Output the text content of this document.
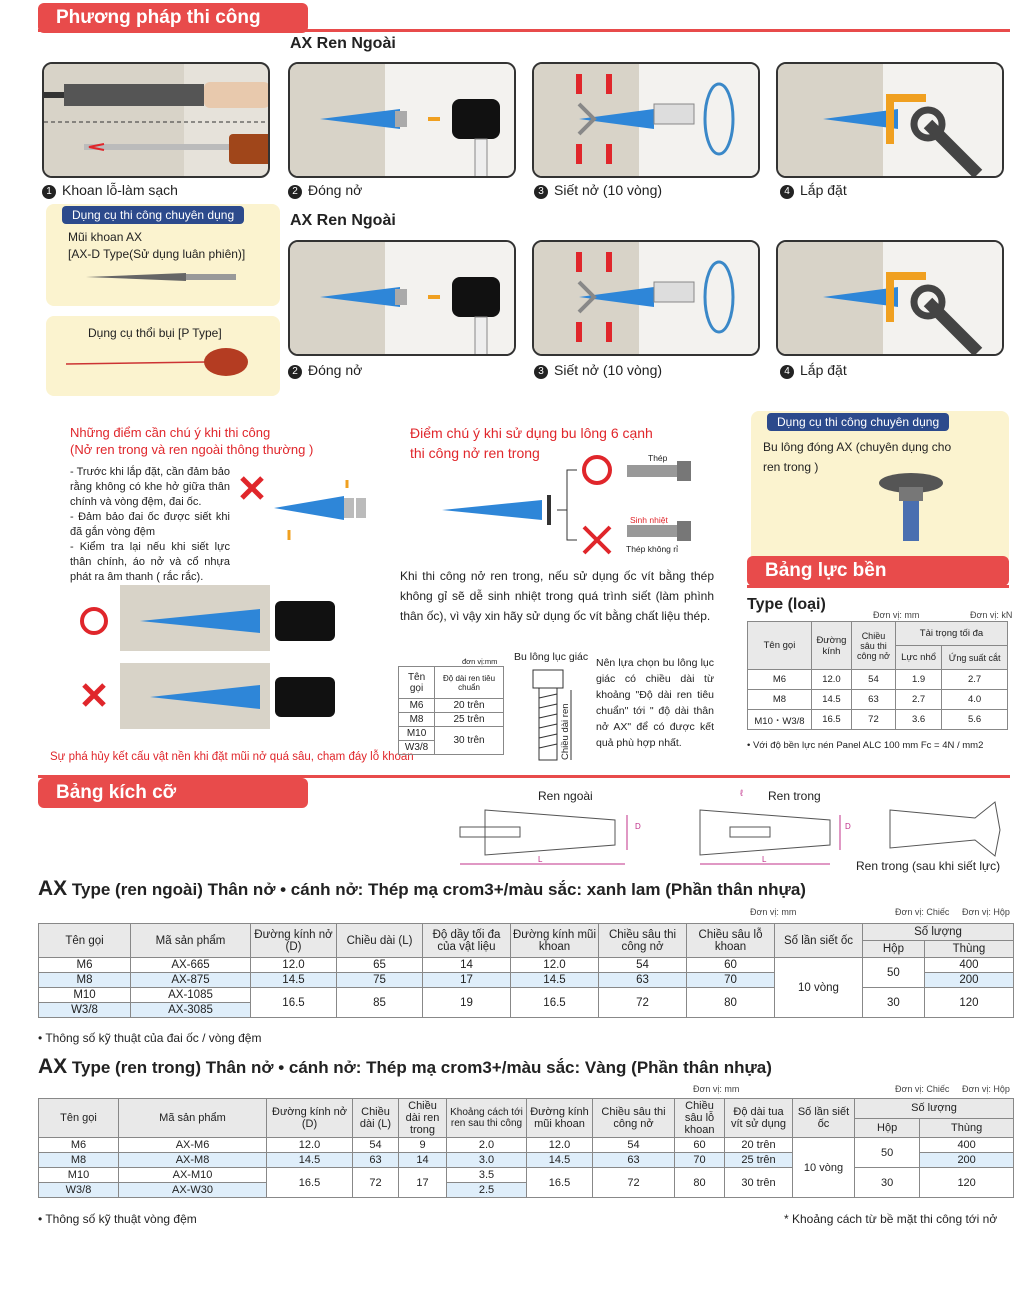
Phương pháp thi công
AX Ren Ngoài
AX Ren Ngoài
1 Khoan lỗ-làm sạch	2 Đóng nở	3 Siết nở (10 vòng)	4 Lắp đặt
2 Đóng nở	3 Siết nở (10 vòng)	4 Lắp đặt
Dụng cụ thi công chuyên dụng
Mũi khoan AX
[AX-D Type(Sử dụng luân phiên)]
Dụng cụ thổi bụi [P Type]
Những điểm cần chú ý khi thi công
(Nở ren trong và ren ngoài thông thường )
- Trước khi lắp đặt, cần đảm bảo rằng không có khe hở giữa thân chính và vòng đệm, đai ốc.
- Đảm bảo đai ốc được siết khi đã gắn vòng đệm
- Kiểm tra lại nếu khi siết lực thân chính, áo nở và cổ nhựa phát ra âm thanh ( rắc rắc).
Sự phá hủy kết cấu vật nền khi đặt mũi nở quá sâu, chạm đáy lỗ khoan
Điểm chú ý khi sử dụng bu lông 6 cạnh
thi công nở ren trong	Thép
Sinh nhiệt
Thép không rỉ
Khi thi công nở ren trong, nếu sử dụng ốc vít bằng thép không gỉ sẽ dễ sinh nhiệt trong quá trình siết (làm phình thân ốc), vì vậy xin hãy sử dụng ốc vít bằng chất liệu thép.
đơn vị:mm
Tên gọi	Độ dài ren tiêu chuẩn
M6	20 trên
M8	25 trên
M10	30 trên
W3/8	
Bu lông lục giác
Chiều dài ren
Nên lựa chọn bu lông lục giác có chiều dài từ khoảng "Độ dài ren tiêu chuẩn" tới " độ dài thân nở AX" để có được kết quả phù hợp nhất.
Dụng cụ thi công chuyên dụng
Bu lông đóng AX (chuyên dụng cho ren trong )
Bảng lực bền
Type (loại)
Đơn vị: mm	Đơn vị: kN
Tên gọi	Đường kính	Chiều sâu thi công nở	Tải trọng tối đa	
			Lực nhổ	Ứng suất cắt
M6	12.0	54	1.9	2.7
M8	14.5	63	2.7	4.0
M10・W3/8	16.5	72	3.6	5.6
• Với độ bền lực nén Panel ALC 100 mm Fc = 4N / mm2
Bảng kích cỡ	Ren ngoài	Ren trong
Ren trong (sau khi siết lực)
L
D
ℓ
L
D
AX Type (ren ngoài) Thân nở • cánh nở: Thép mạ crom3+/màu sắc: xanh lam (Phần thân nhựa)
Đơn vị: mm	Đơn vị: Chiếc Đơn vị: Hộp
Tên gọi	Mã sản phẩm	Đường kính nở (D)	Chiều dài (L)	Độ dầy tối đa của vật liệu	Đường kính mũi khoan	Chiều sâu thi công nở	Chiều sâu lỗ khoan	Số lần siết ốc	Số lượng	
									Hộp	Thùng
M6	AX-665	12.0	65	14	12.0	54	60	10 vòng	50	400
M8	AX-875	14.5	75	17	14.5	63	70			200
M10	AX-1085	16.5	85	19	16.5	72	80		30	120
W3/8	AX-3085									
• Thông số kỹ thuật của đai ốc / vòng đệm
AX Type (ren trong) Thân nở • cánh nở: Thép mạ crom3+/màu sắc: Vàng (Phần thân nhựa)
Đơn vị: mm	Đơn vị: Chiếc Đơn vị: Hộp
Tên gọi	Mã sản phẩm	Đường kính nở (D)	Chiều dài (L)	Chiều dài ren trong	Khoảng cách tới ren sau thi công	Đường kính mũi khoan	Chiều sâu thi công nở	Chiều sâu lỗ khoan	Độ dài tua vít sử dụng	Số lần siết ốc	Số lượng	
											Hộp	Thùng
M6	AX-M6	12.0	54	9	2.0	12.0	54	60	20 trên	10 vòng	50	400
M8	AX-M8	14.5	63	14	3.0	14.5	63	70	25 trên			200
M10	AX-M10	16.5	72	17	3.5	16.5	72	80	30 trên		30	120
W3/8	AX-W30				2.5							
• Thông số kỹ thuật vòng đệm	* Khoảng cách từ bề mặt thi công tới nở
